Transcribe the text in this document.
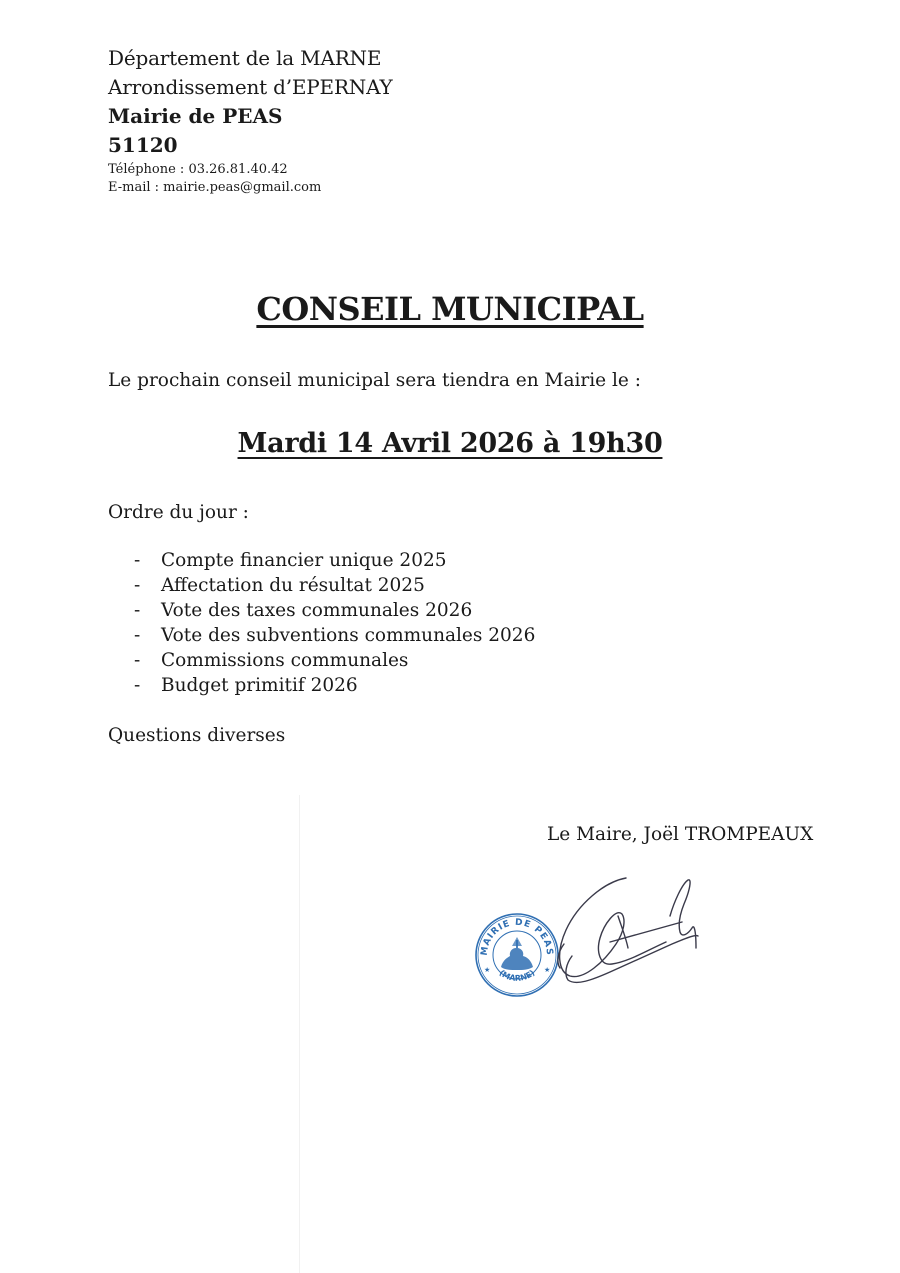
Département de la MARNE
Arrondissement d’EPERNAY
Mairie de PEAS
51120
Téléphone : 03.26.81.40.42
E-mail : mairie.peas@gmail.com
CONSEIL MUNICIPAL
Le prochain conseil municipal sera tiendra en Mairie le :
Mardi 14 Avril 2026 à 19h30
Ordre du jour :
- Compte financier unique 2025
- Affectation du résultat 2025
- Vote des taxes communales 2026
- Vote des subventions communales 2026
- Commissions communales
- Budget primitif 2026
Questions diverses
Le Maire, Joël TROMPEAUX
MAIRIE DE PEAS
(MARNE)
★	★
